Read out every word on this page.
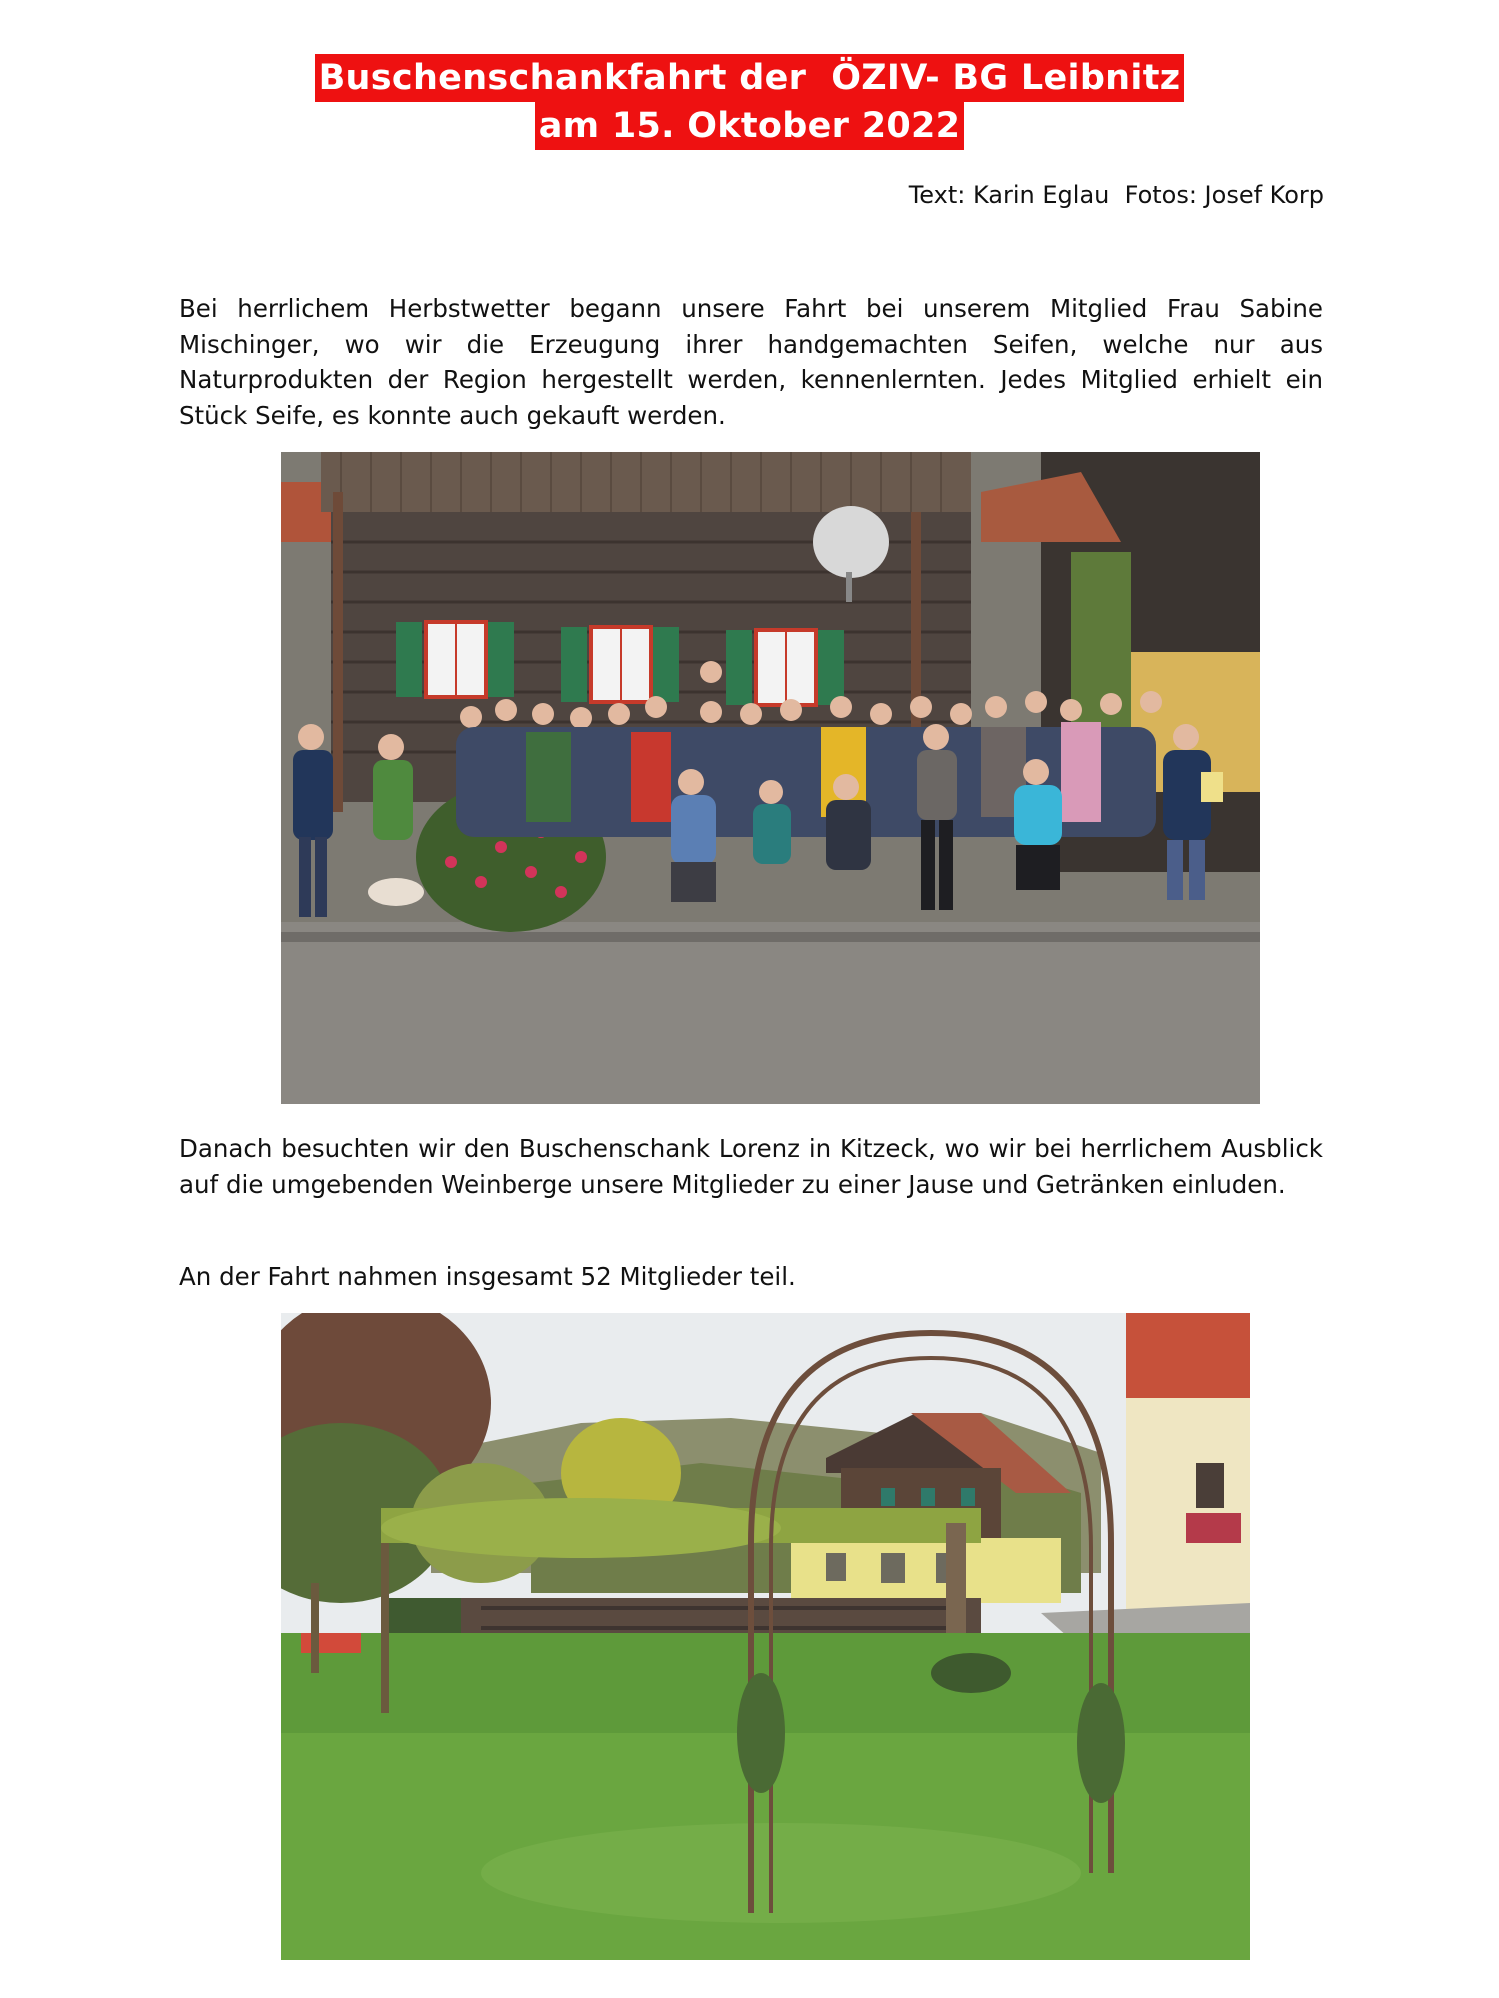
Buschenschankfahrt der  ÖZIV- BG Leibnitz
am 15. Oktober 2022
Text: Karin Eglau  Fotos: Josef Korp

Bei herrlichem Herbstwetter begann unsere Fahrt bei unserem Mitglied Frau Sabine Mischinger, wo wir die Erzeugung ihrer handgemachten Seifen, welche nur aus Naturprodukten der Region hergestellt werden, kennenlernten. Jedes Mitglied erhielt ein Stück Seife, es konnte auch gekauft werden.

Danach besuchten wir den Buschenschank Lorenz in Kitzeck, wo wir bei herrlichem Ausblick auf die umgebenden Weinberge unsere Mitglieder zu einer Jause und Getränken einluden.

An der Fahrt nahmen insgesamt 52 Mitglieder teil.
